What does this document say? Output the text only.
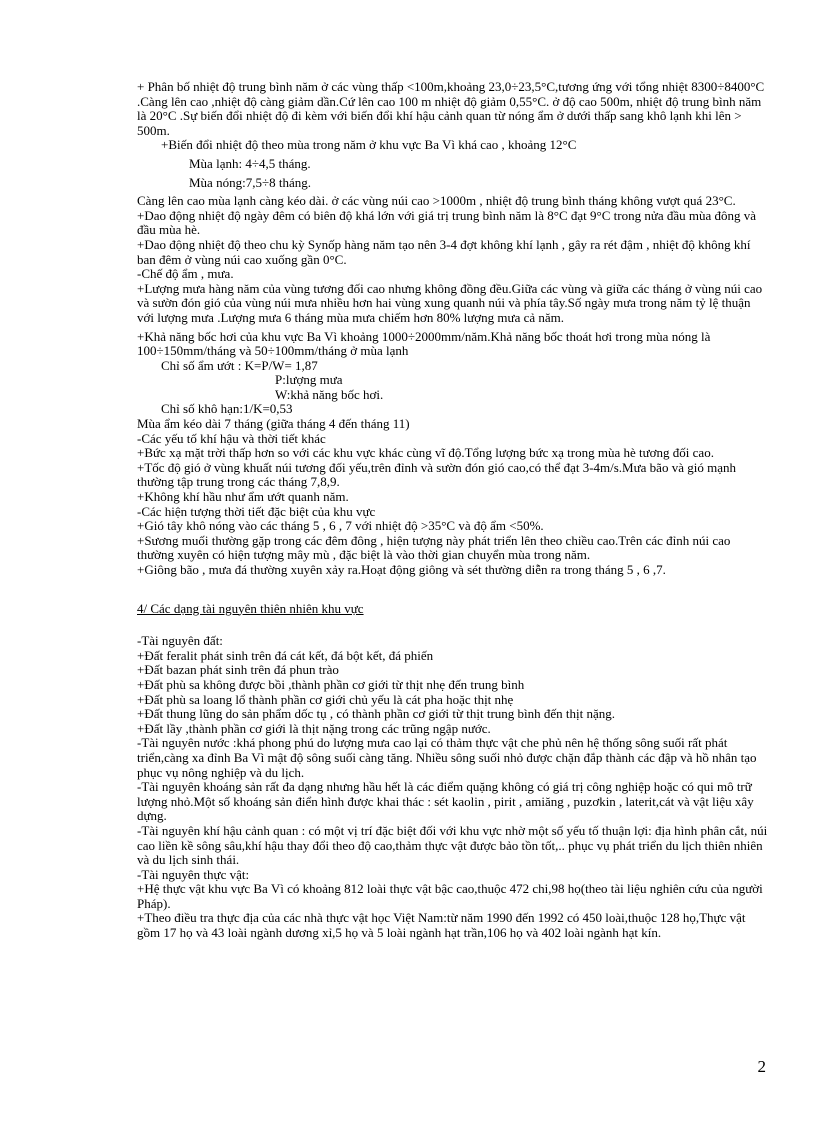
+ Phân bố nhiệt độ trung bình năm ở các vùng thấp <100m,khoảng 23,0÷23,5°C,tương ứng với tổng nhiệt 8300÷8400°C .Càng lên cao ,nhiệt độ càng giảm dần.Cứ lên cao 100 m nhiệt độ giảm 0,55°C. ở độ cao 500m, nhiệt độ trung bình năm là 20°C .Sự biến đổi nhiệt độ đi kèm với biến đổi khí hậu cảnh quan từ nóng ẩm ở dưới thấp sang khô lạnh khi lên > 500m.

+Biến đổi nhiệt độ theo mùa trong năm ở khu vực Ba Vì khá cao , khoảng 12°C

Mùa lạnh: 4÷4,5 tháng.

Mùa nóng:7,5÷8 tháng.

Càng lên cao mùa lạnh càng kéo dài. ở các vùng núi cao >1000m , nhiệt độ trung bình tháng không vượt quá 23°C.

+Dao động nhiệt độ ngày đêm có biên độ khá lớn với giá trị trung bình năm là 8°C đạt 9°C trong nửa đầu mùa đông và đầu mùa hè.

+Dao động nhiệt độ theo chu kỳ Synốp hàng năm tạo nên 3-4 đợt không khí lạnh , gây ra rét đậm , nhiệt độ không khí ban đêm ở vùng núi cao xuống gần 0°C.

-Chế độ ẩm , mưa.

+Lượng mưa hàng năm của vùng tương đối cao nhưng không đồng đều.Giữa các vùng và giữa các tháng ở vùng núi cao và sườn đón gió của vùng núi mưa nhiều hơn hai vùng xung quanh núi và phía tây.Số ngày mưa trong năm tỷ lệ thuận với lượng mưa .Lượng mưa 6 tháng mùa mưa chiếm hơn 80% lượng mưa cả năm.

+Khả năng bốc hơi của khu vực Ba Vì khoảng 1000÷2000mm/năm.Khả năng bốc thoát hơi trong mùa nóng là 100÷150mm/tháng và 50÷100mm/tháng ở mùa lạnh

Chỉ số ẩm ướt : K=P/W= 1,87

P:lượng mưa

W:khả năng bốc hơi.

Chỉ số khô hạn:1/K=0,53

Mùa ẩm kéo dài 7 tháng (giữa tháng 4 đến tháng 11)

-Các yếu tố khí hậu và thời tiết khác

+Bức xạ mặt trời thấp hơn so với các khu vực khác cùng vĩ độ.Tổng lượng bức xạ trong mùa hè tương đối cao.

+Tốc độ gió ở vùng khuất núi tương đối yếu,trên đỉnh và sườn đón gió cao,có thể đạt 3-4m/s.Mưa bão và gió mạnh thường tập trung trong các tháng 7,8,9.

+Không khí hầu như ẩm ướt quanh năm.

-Các hiện tượng thời tiết đặc biệt của khu vực

+Gió tây khô nóng vào các tháng 5 , 6 , 7 với nhiệt độ >35°C và độ ẩm <50%.

+Sương muối thường gặp trong các đêm đông , hiện tượng này phát triển lên theo chiều cao.Trên các đỉnh núi cao thường xuyên có hiện tượng mây mù , đặc biệt là vào thời gian chuyển mùa trong năm.

+Giông bão , mưa đá thường xuyên xảy ra.Hoạt động giông và sét thường diễn ra trong tháng 5 , 6 ,7.

4/ Các dạng tài nguyên thiên nhiên khu vực

-Tài nguyên đất:

+Đất feralit phát sinh trên đá cát kết, đá bột kết, đá phiến

+Đất bazan phát sinh trên đá phun trào

+Đất phù sa không được bồi ,thành phần cơ giới từ thịt nhẹ đến trung bình

+Đất phù sa loang lổ thành phần cơ giới chủ yếu là cát pha hoặc thịt nhẹ

+Đất thung lũng do sản phẩm dốc tụ , có thành phần cơ giới từ thịt trung bình đến thịt nặng.

+Đất lầy ,thành phần cơ giới là thịt nặng trong các trũng ngập nước.

-Tài nguyên nước :khá phong phú do lượng mưa cao lại có thảm thực vật che phủ nên hệ thống sông suối rất phát triển,càng xa đỉnh Ba Vì mật độ sông suối càng tăng. Nhiều sông suối nhỏ được chặn đắp thành các đập và hồ nhân tạo phục vụ nông nghiệp và du lịch.

-Tài nguyên khoáng sản rất đa dạng nhưng hầu hết là các điểm quặng không có giá trị công nghiệp hoặc có qui mô trữ lượng nhỏ.Một số khoáng sản điển hình được khai thác : sét kaolin , pirit , amiăng , puzơkin , laterit,cát và vật liệu xây dựng.

-Tài nguyên khí hậu cảnh quan : có một vị trí đặc biệt đối với khu vực nhờ một số yếu tố thuận lợi: địa hình phân cắt, núi cao liền kề sông sâu,khí hậu thay đổi theo độ cao,thảm thực vật được bảo tồn tốt,.. phục vụ phát triển du lịch thiên nhiên và du lịch sinh thái.

-Tài nguyên thực vật:

+Hệ thực vật khu vực Ba Vì có khoảng 812 loài thực vật bậc cao,thuộc 472 chi,98 họ(theo tài liệu nghiên cứu của người Pháp).

+Theo điều tra thực địa của các nhà thực vật học Việt Nam:từ năm 1990 đến 1992 có 450 loài,thuộc 128 họ,Thực vật gồm 17 họ và 43 loài ngành dương xỉ,5 họ và 5 loài ngành hạt trần,106 họ và 402 loài ngành hạt kín.

2
